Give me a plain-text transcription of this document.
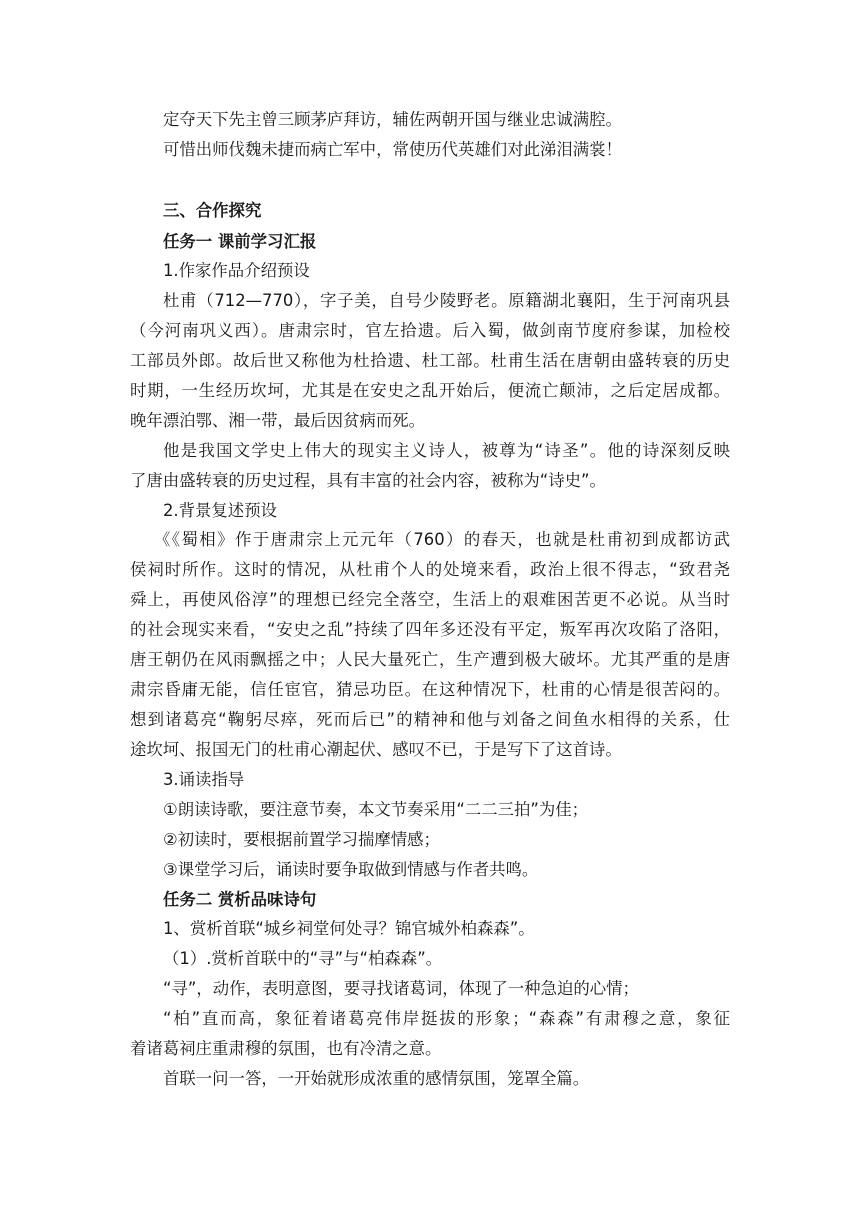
定夺天下先主曾三顾茅庐拜访，辅佐两朝开国与继业忠诚满腔。
可惜出师伐魏未捷而病亡军中，常使历代英雄们对此涕泪满裳！
三、合作探究
任务一 课前学习汇报
1.作家作品介绍预设
杜甫（712—770），字子美，自号少陵野老。原籍湖北襄阳，生于河南巩县
（今河南巩义西）。唐肃宗时，官左拾遗。后入蜀，做剑南节度府参谋，加检校
工部员外郎。故后世又称他为杜拾遗、杜工部。杜甫生活在唐朝由盛转衰的历史
时期，一生经历坎坷，尤其是在安史之乱开始后，便流亡颠沛，之后定居成都。
晚年漂泊鄂、湘一带，最后因贫病而死。
他是我国文学史上伟大的现实主义诗人，被尊为“诗圣”。他的诗深刻反映
了唐由盛转衰的历史过程，具有丰富的社会内容，被称为“诗史”。
2.背景复述预设
《《蜀相》作于唐肃宗上元元年（760）的春天，也就是杜甫初到成都访武
侯祠时所作。这时的情况，从杜甫个人的处境来看，政治上很不得志，“致君尧
舜上，再使风俗淳”的理想已经完全落空，生活上的艰难困苦更不必说。从当时
的社会现实来看，“安史之乱”持续了四年多还没有平定，叛军再次攻陷了洛阳，
唐王朝仍在风雨飘摇之中；人民大量死亡，生产遭到极大破坏。尤其严重的是唐
肃宗昏庸无能，信任宦官，猜忌功臣。在这种情况下，杜甫的心情是很苦闷的。
想到诸葛亮“鞠躬尽瘁，死而后已”的精神和他与刘备之间鱼水相得的关系，仕
途坎坷、报国无门的杜甫心潮起伏、感叹不已，于是写下了这首诗。
3.诵读指导
①朗读诗歌，要注意节奏，本文节奏采用“二二三拍”为佳；
②初读时，要根据前置学习揣摩情感；
③课堂学习后，诵读时要争取做到情感与作者共鸣。
任务二 赏析品味诗句
1、赏析首联“城乡祠堂何处寻？锦官城外柏森森”。
（1）.赏析首联中的“寻”与“柏森森”。
“寻”，动作，表明意图，要寻找诸葛词，体现了一种急迫的心情；
“柏”直而高，象征着诸葛亮伟岸挺拔的形象；“森森”有肃穆之意，象征
着诸葛祠庄重肃穆的氛围，也有冷清之意。
首联一问一答，一开始就形成浓重的感情氛围，笼罩全篇。
